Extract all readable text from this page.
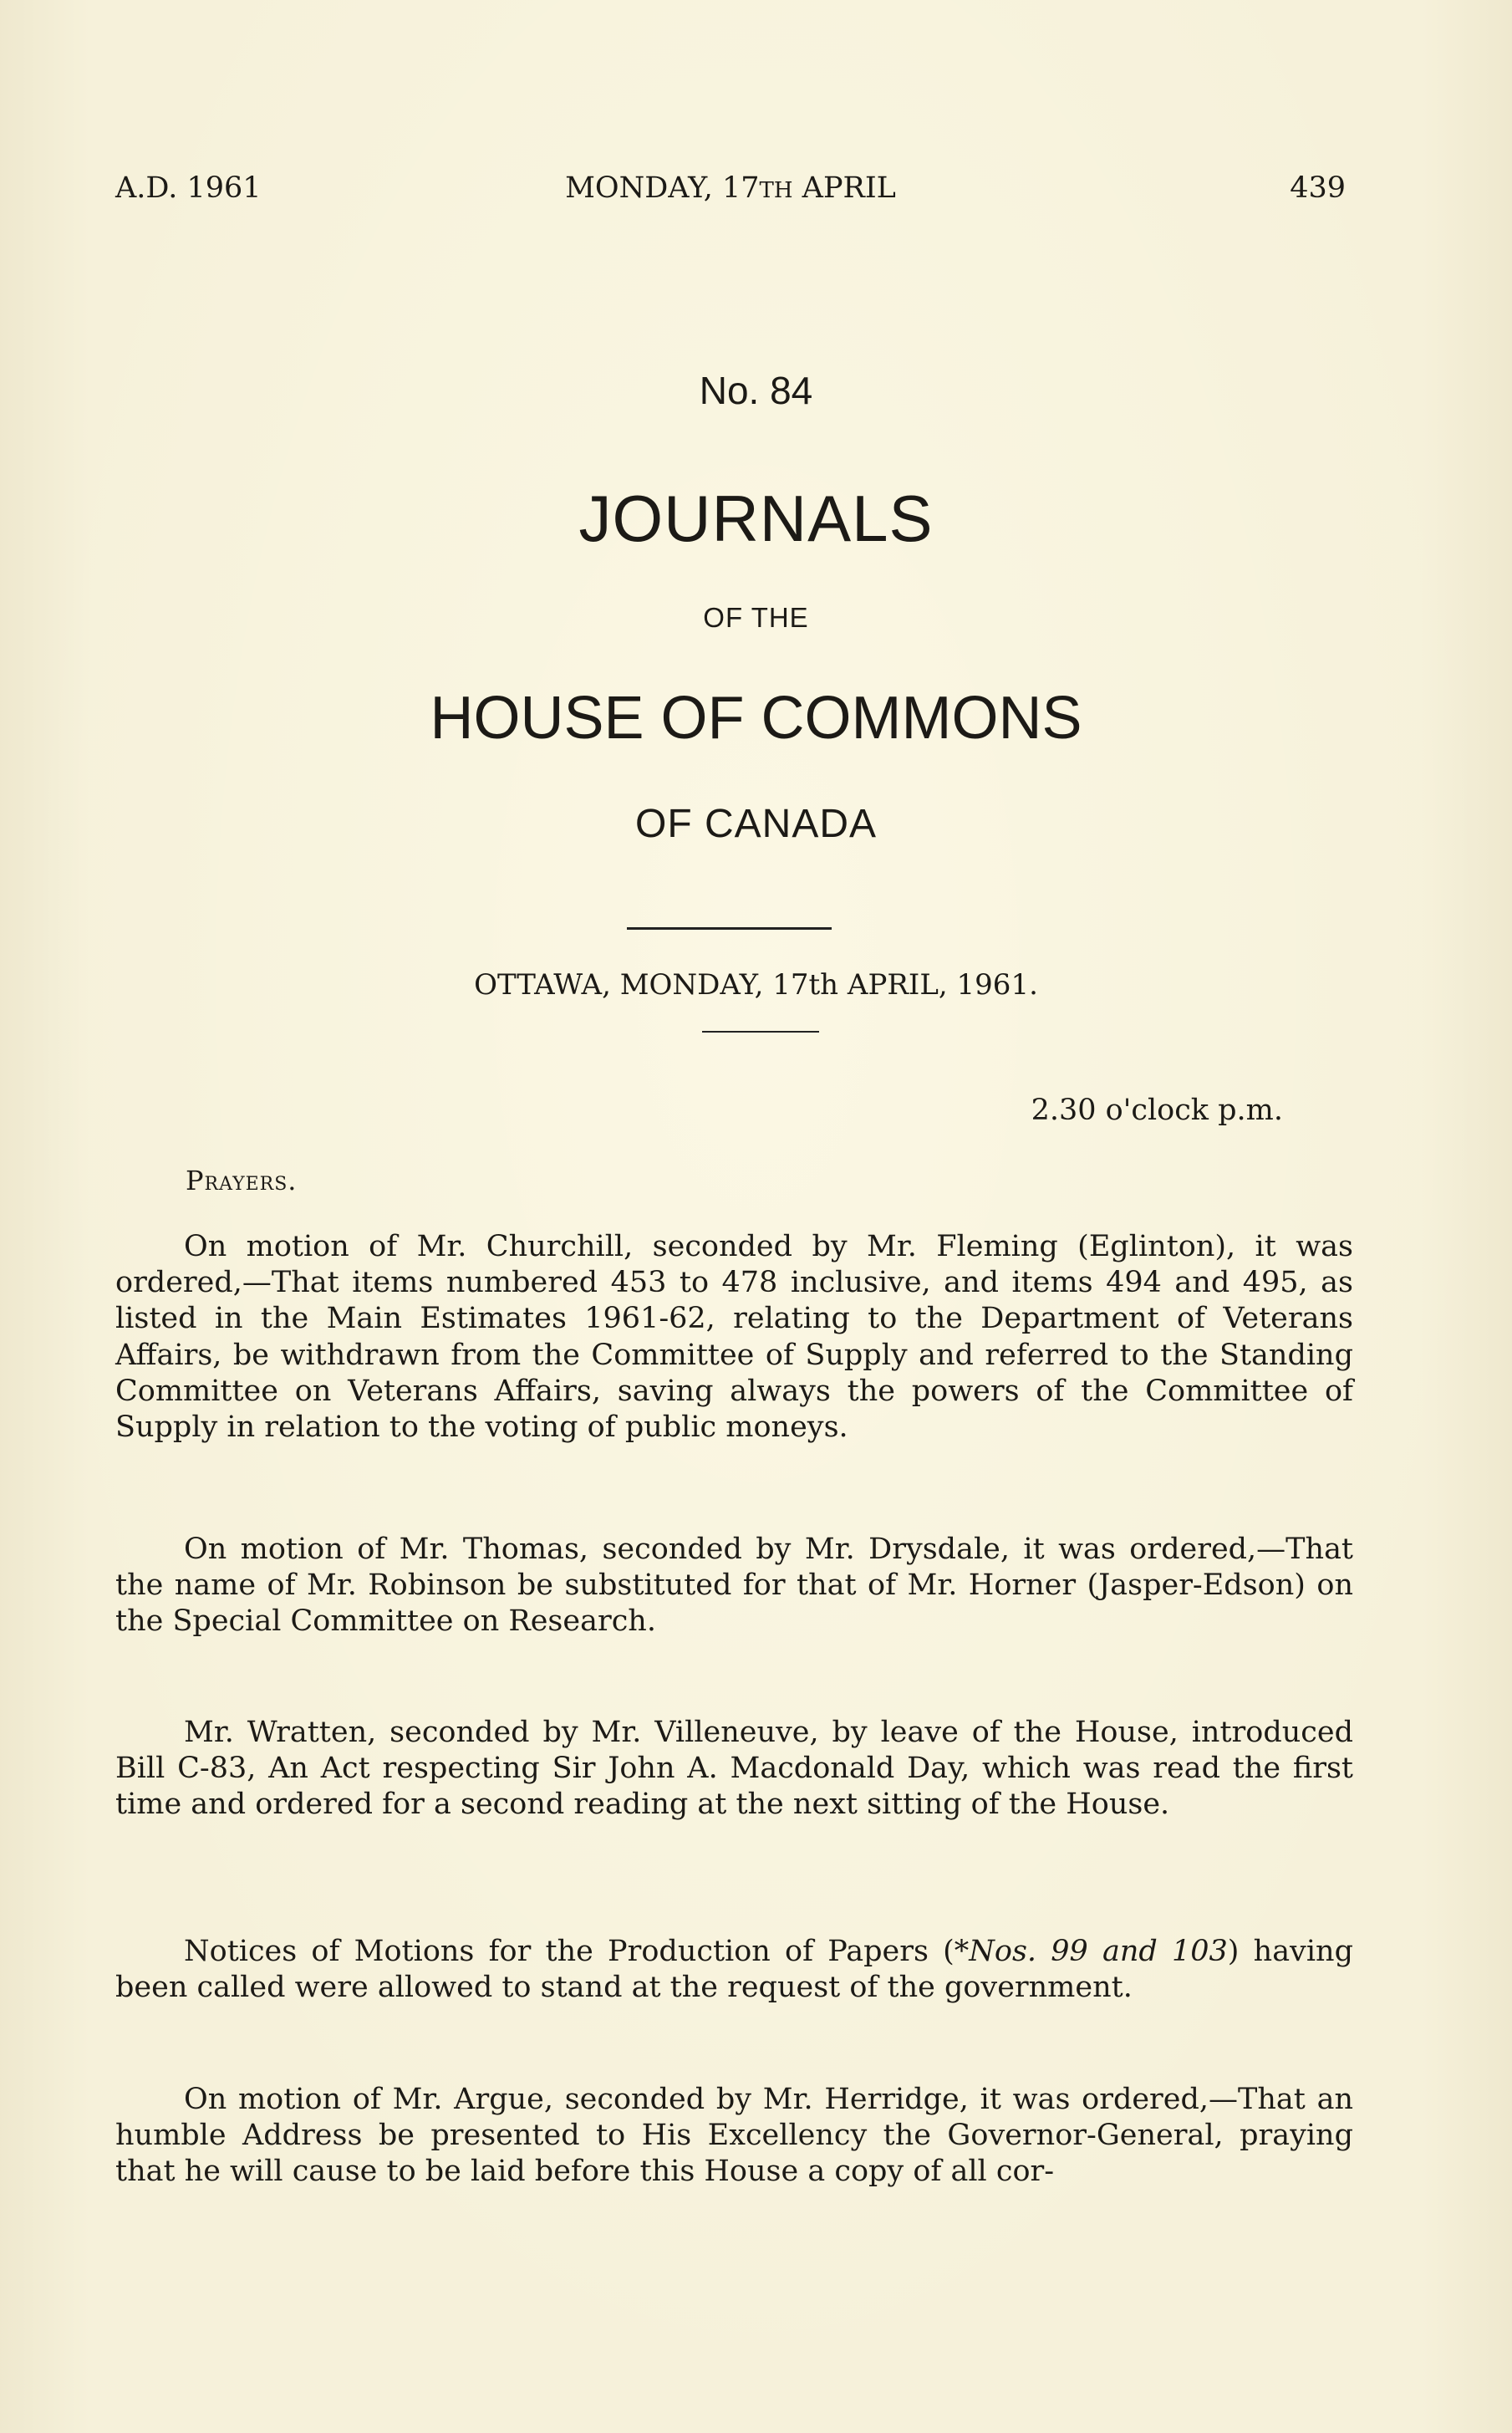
A.D. 1961	MONDAY, 17TH APRIL	439
No. 84
JOURNALS
OF THE
HOUSE OF COMMONS
OF CANADA
OTTAWA, MONDAY, 17th APRIL, 1961.
2.30 o'clock p.m.
Prayers.

On motion of Mr. Churchill, seconded by Mr. Fleming (Eglinton), it was ordered,—That items numbered 453 to 478 inclusive, and items 494 and 495, as listed in the Main Estimates 1961-62, relating to the Department of Veterans Affairs, be withdrawn from the Committee of Supply and referred to the Standing Committee on Veterans Affairs, saving always the powers of the Committee of Supply in relation to the voting of public moneys.

On motion of Mr. Thomas, seconded by Mr. Drysdale, it was ordered,—That the name of Mr. Robinson be substituted for that of Mr. Horner (Jasper-Edson) on the Special Committee on Research.

Mr. Wratten, seconded by Mr. Villeneuve, by leave of the House, introduced Bill C-83, An Act respecting Sir John A. Macdonald Day, which was read the first time and ordered for a second reading at the next sitting of the House.

Notices of Motions for the Production of Papers (*Nos. 99 and 103) having been called were allowed to stand at the request of the government.

On motion of Mr. Argue, seconded by Mr. Herridge, it was ordered,—That an humble Address be presented to His Excellency the Governor-General, praying that he will cause to be laid before this House a copy of all cor-
